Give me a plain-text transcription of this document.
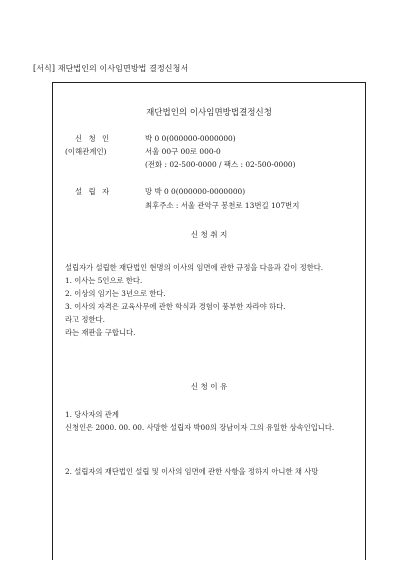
[서식] 재단법인의 이사임면방법 결정신청서
재단법인의 이사임면방법결정신청
신 청 인
(이해관계인)
박 0 0(000000-0000000)
서울 00구 00로 000-0
(전화 : 02-500-0000 / 팩스 : 02-500-0000)
설 립 자	망 박 0 0(000000-0000000)
최후주소 : 서울 관악구 봉천로 13번길 107번지
신 청 취 지
설립자가 설립한 재단법인 현명의 이사의 임면에 관한 규정을 다음과 같이 정한다.
1. 이사는 5인으로 한다.
2. 이상의 임기는 3년으로 한다.
3. 이사의 자격은 교육사무에 관한 학식과 경험이 풍부한 자라야 하다.
라고 정한다.
라는 재판을 구합니다.
신 청 이 유
1. 당사자의 관계
신청인은 2000. 00. 00. 사망한 설립자 박00의 장남이자 그의 유일한 상속인입니다.
2. 설립자의 재단법인 설립 및 이사의 임면에 관한 사항을 정하지 아니한 채 사망
